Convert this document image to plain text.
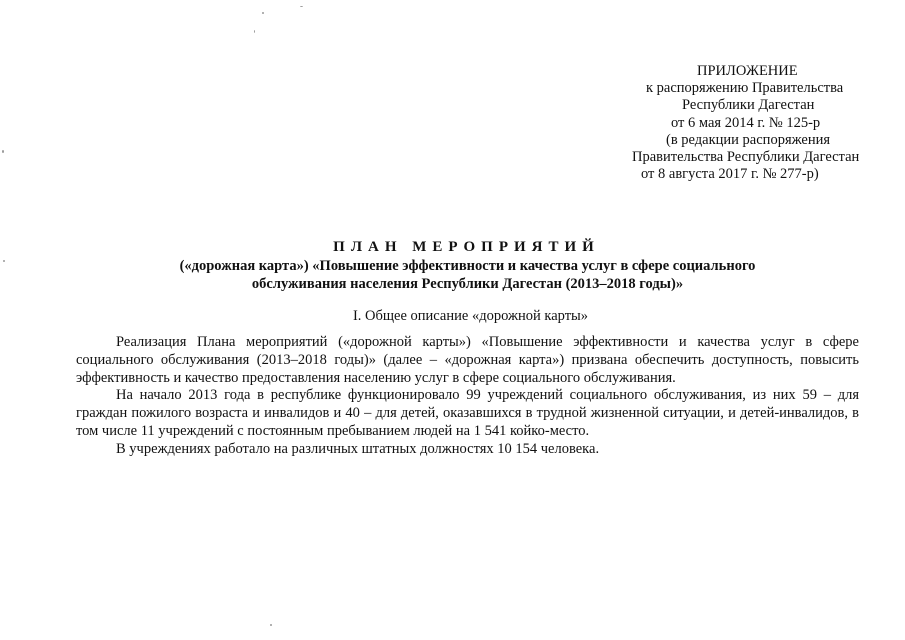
ПРИЛОЖЕНИЕ
к распоряжению Правительства
Республики Дагестан
от 6 мая 2014 г. № 125-р
(в редакции распоряжения
Правительства Республики Дагестан
от 8 августа 2017 г. № 277-р)
ПЛАН МЕРОПРИЯТИЙ
(«дорожная карта») «Повышение эффективности и качества услуг в сфере социального
обслуживания населения Республики Дагестан (2013–2018 годы)»
I. Общее описание «дорожной карты»

Реализация Плана мероприятий («дорожной карты») «Повышение эффективности и качества услуг в сфере социального обслуживания (2013–2018 годы)» (далее – «дорожная карта») призвана обеспечить доступность, повысить эффективность и качество предоставления населению услуг в сфере социального обслуживания.

На начало 2013 года в республике функционировало 99 учреждений социального обслуживания, из них 59 – для граждан пожилого возраста и инвалидов и 40 – для детей, оказавшихся в трудной жизненной ситуации, и детей-инвалидов, в том числе 11 учреждений с постоянным пребыванием людей на 1 541 койко-место.

В учреждениях работало на различных штатных должностях 10 154 человека.
